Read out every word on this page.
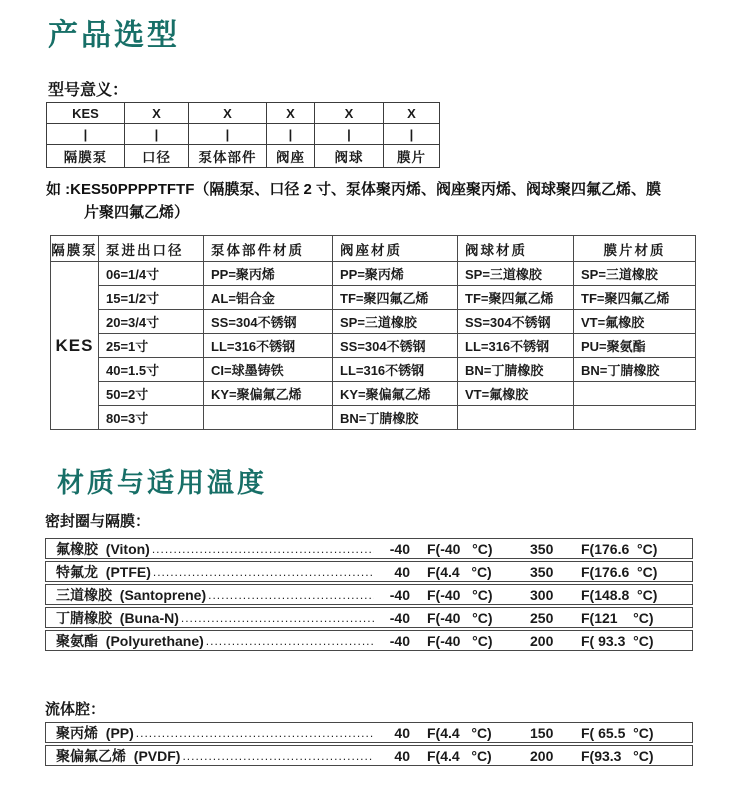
产品选型
型号意义：
KES	X	X	X	X	X
|	|	|	|	|	|
隔膜泵	口径	泵体部件	阀座	阀球	膜片
如 :KES50PPPPTFTF（隔膜泵、口径 2 寸、泵体聚丙烯、阀座聚丙烯、阀球聚四氟乙烯、膜
片聚四氟乙烯）
隔膜泵	泵进出口径	泵体部件材质	阀座材质	阀球材质	膜片材质
KES	06=1/4寸	PP=聚丙烯	PP=聚丙烯	SP=三道橡胶	SP=三道橡胶
	15=1/2寸	AL=铝合金	TF=聚四氟乙烯	TF=聚四氟乙烯	TF=聚四氟乙烯
	20=3/4寸	SS=304不锈钢	SP=三道橡胶	SS=304不锈钢	VT=氟橡胶
	25=1寸	LL=316不锈钢	SS=304不锈钢	LL=316不锈钢	PU=聚氨酯
	40=1.5寸	CI=球墨铸铁	LL=316不锈钢	BN=丁腈橡胶	BN=丁腈橡胶
	50=2寸	KY=聚偏氟乙烯	KY=聚偏氟乙烯	VT=氟橡胶	
	80=3寸		BN=丁腈橡胶		
材质与适用温度
密封圈与隔膜：
氟橡胶  (Viton) .....	-40	F(-40   °C)	350	F(176.6  °C)
特氟龙  (PTFE) .....	40	F(4.4   °C)	350	F(176.6  °C)
三道橡胶  (Santoprene) .....	-40	F(-40   °C)	300	F(148.8  °C)
丁腈橡胶  (Buna-N) .....	-40	F(-40   °C)	250	F(121    °C)
聚氨酯  (Polyurethane) .....	-40	F(-40   °C)	200	F( 93.3  °C)
流体腔：
聚丙烯  (PP) .....	40	F(4.4   °C)	150	F( 65.5  °C)
聚偏氟乙烯  (PVDF) .....	40	F(4.4   °C)	200	F(93.3   °C)
